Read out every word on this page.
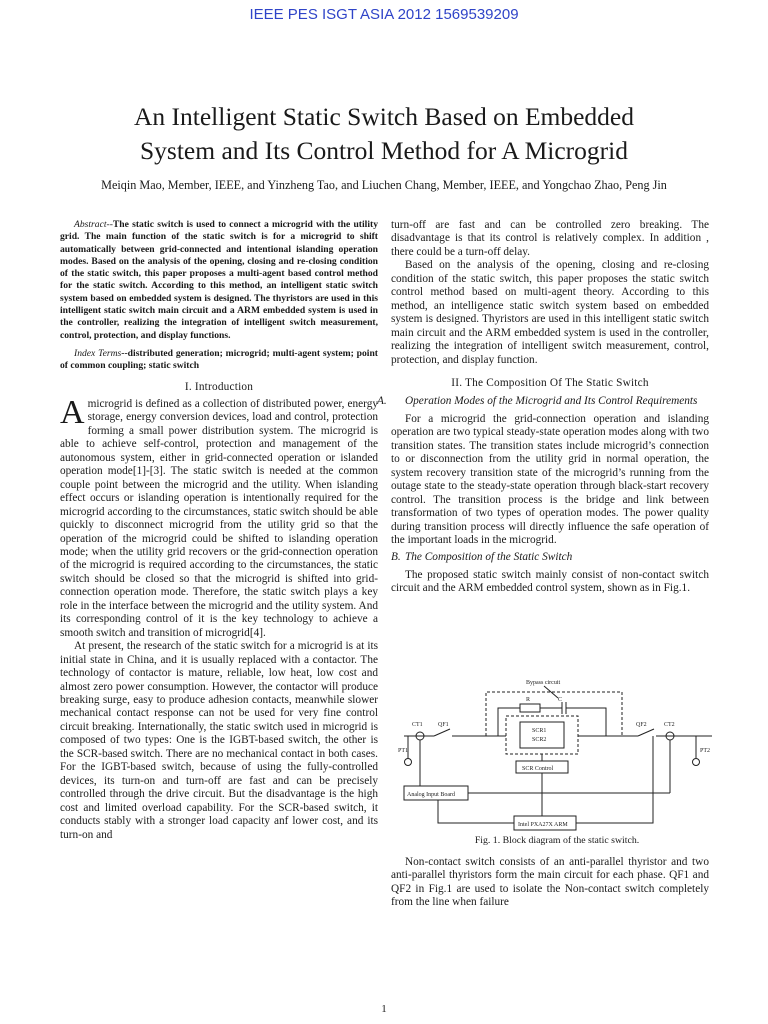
IEEE PES ISGT ASIA 2012 1569539209
An Intelligent Static Switch Based on Embedded
System and Its Control Method for A Microgrid
Meiqin Mao, Member, IEEE, and Yinzheng Tao, and Liuchen Chang, Member, IEEE, and Yongchao Zhao, Peng Jin

Abstract--The static switch is used to connect a microgrid with the utility grid. The main function of the static switch is for a microgrid to shift automatically between grid-connected and intentional islanding operation modes. Based on the analysis of the opening, closing and re-closing condition of the static switch, this paper proposes a multi-agent based control method for the static switch. According to this method, an intelligent static switch system based on embedded system is designed. The thyristors are used in this intelligent static switch main circuit and a ARM embedded system is used in the controller, realizing the integration of intelligent switch measurement, control, protection, and display functions.

Index Terms--distributed generation; microgrid; multi-agent system; point of common coupling; static switch

I. Introduction

Amicrogrid is defined as a collection of distributed power, energy storage, energy conversion devices, load and control, protection forming a small power distribution system. The microgrid is able to achieve self-control, protection and management of the autonomous system, either in grid-connected operation or islanded operation mode[1]-[3]. The static switch is needed at the common couple point between the microgrid and the utility. When islanding effect occurs or islanding operation is intentionally required for the microgrid according to the circumstances, static switch should be able quickly to disconnect microgrid from the utility grid so that the operation of the microgrid could be shifted to islanding operation mode; when the utility grid recovers or the grid-connection operation of the microgrid is required according to the circumstances, the static switch should be closed so that the microgrid is shifted into grid-connection operation mode. Therefore, the static switch plays a key role in the interface between the microgrid and the utility system. And its corresponding control of it is the key technology to achieve a smooth switch and transition of microgrid[4].

At present, the research of the static switch for a microgrid is at its initial state in China, and it is usually replaced with a contactor. The technology of contactor is mature, reliable, low heat, low cost and almost zero power consumption. However, the contactor will produce breaking surge, easy to produce adhesion contacts, meanwhile slower mechanical contact response can not be used for very fine control circuit breaking. Internationally, the static switch used in microgrid is composed of two types: One is the IGBT-based switch, the other is the SCR-based switch. There are no mechanical contact in both cases. For the IGBT-based switch, because of using the fully-controlled devices, its turn-on and turn-off are fast and can be precisely controlled through the drive circuit. But the disadvantage is the high cost and limited overload capability. For the SCR-based switch, it conducts stably with a stronger load capacity anf lower cost, and its turn-on and

turn-off are fast and can be controlled zero breaking. The disadvantage is that its control is relatively complex. In addition , there could be a turn-off delay.

Based on the analysis of the opening, closing and re-closing condition of the static switch, this paper proposes the static switch control method based on multi-agent theory. According to this method, an intelligence static switch system based on embedded system is designed. Thyristors are used in this intelligent static switch main circuit and the ARM embedded system is used in the controller, realizing the integration of intelligent switch measurement, control, protection, and display function.

II. The Composition Of The Static Switch

A. Operation Modes of the Microgrid and Its Control Requirements

For a microgrid the grid-connection operation and islanding operation are two typical steady-state operation modes along with two transition states. The transition states include microgrid’s connection to or disconnection from the utility grid in normal operation, the system recovery transition state of the microgrid’s running from the outage state to the steady-state operation through black-start recovery control. The transition process is the bridge and link between transformation of two types of operation modes. The power quality during transition process will directly influence the safe operation of the important loads in the microgrid.

B. The Composition of the Static Switch

The proposed static switch mainly consist of non-contact switch circuit and the ARM embedded control system, shown as in Fig.1.

Bypass circuit
R	C
SCR1
SCR2
CT1	QF1	QF2	CT2
PT1	PT2
SCR Control
Analog Input Board
Intel PXA27X ARM
Fig. 1. Block diagram of the static switch.

Non-contact switch consists of an anti-parallel thyristor and two anti-parallel thyristors form the main circuit for each phase. QF1 and QF2 in Fig.1 are used to isolate the Non-contact switch completely from the line when failure

1
